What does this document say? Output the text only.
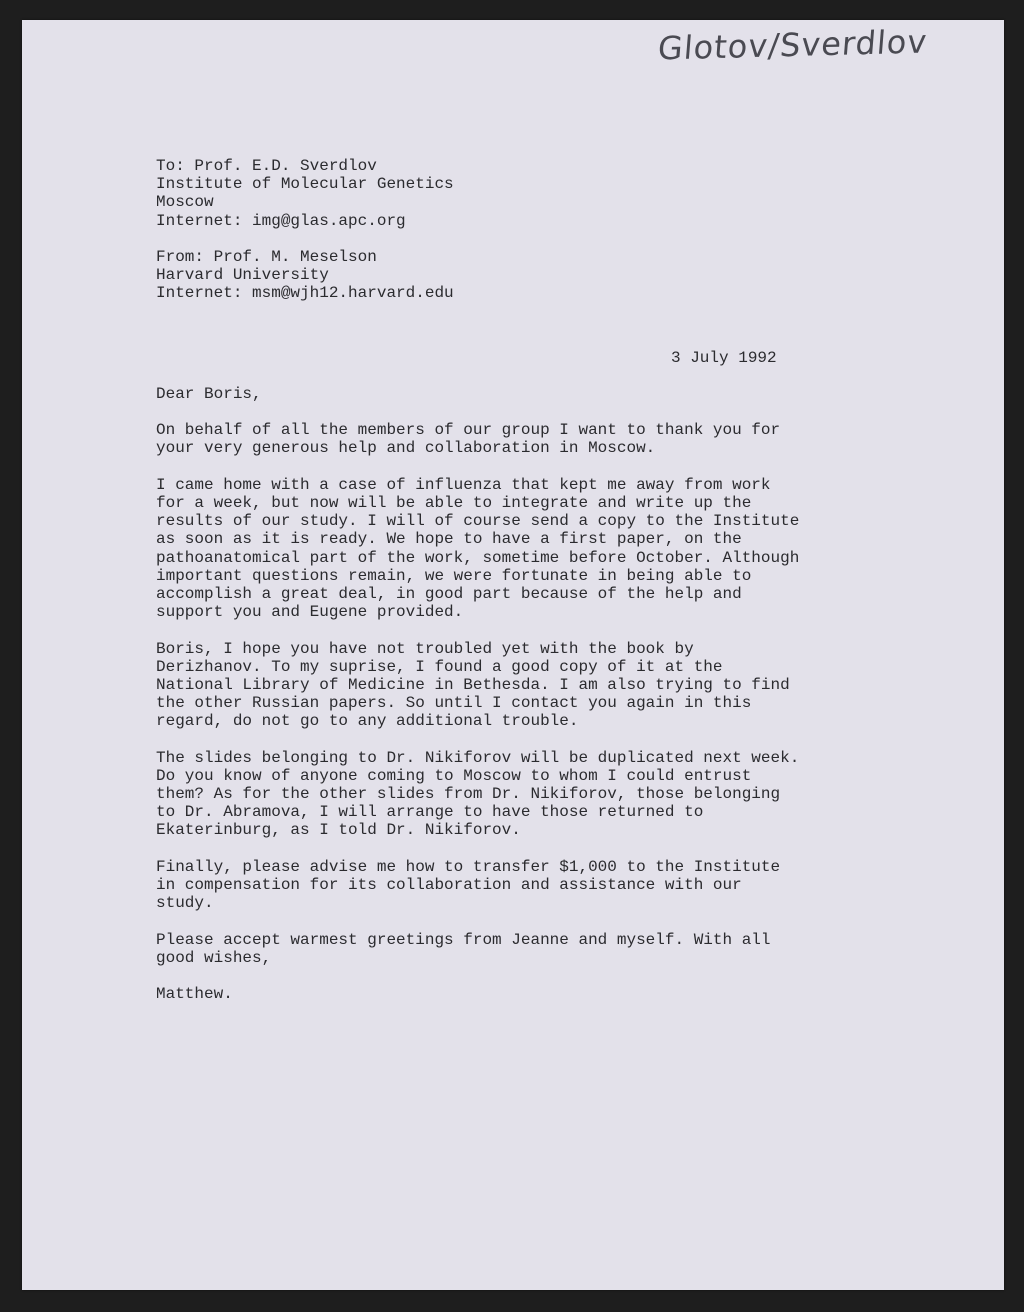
Glotov/Sverdlov
To: Prof. E.D. Sverdlov
Institute of Molecular Genetics
Moscow
Internet: img@glas.apc.org
From: Prof. M. Meselson
Harvard University
Internet: msm@wjh12.harvard.edu
3 July 1992
Dear Boris,
On behalf of all the members of our group I want to thank you for
your very generous help and collaboration in Moscow.
I came home with a case of influenza that kept me away from work
for a week, but now will be able to integrate and write up the
results of our study. I will of course send a copy to the Institute
as soon as it is ready. We hope to have a first paper, on the
pathoanatomical part of the work, sometime before October. Although
important questions remain, we were fortunate in being able to
accomplish a great deal, in good part because of the help and
support you and Eugene provided.
Boris, I hope you have not troubled yet with the book by
Derizhanov. To my suprise, I found a good copy of it at the
National Library of Medicine in Bethesda. I am also trying to find
the other Russian papers. So until I contact you again in this
regard, do not go to any additional trouble.
The slides belonging to Dr. Nikiforov will be duplicated next week.
Do you know of anyone coming to Moscow to whom I could entrust
them? As for the other slides from Dr. Nikiforov, those belonging
to Dr. Abramova, I will arrange to have those returned to
Ekaterinburg, as I told Dr. Nikiforov.
Finally, please advise me how to transfer $1,000 to the Institute
in compensation for its collaboration and assistance with our
study.
Please accept warmest greetings from Jeanne and myself. With all
good wishes,
Matthew.
